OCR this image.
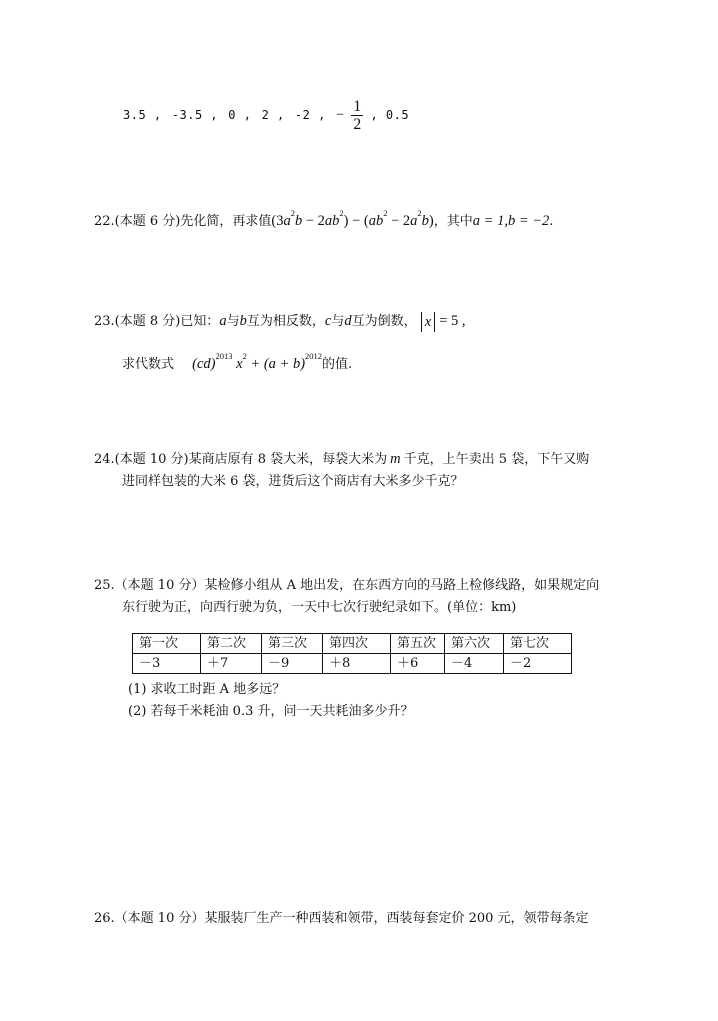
3.5 , -3.5 , 0 , 2 , -2 , − $\frac{1}{2}$ , 0.5
22.(本题 6 分)先化简，再求值$(3a^2b - 2ab^2) - (ab^2 - 2a^2b)$，其中a = 1,b = −2.
23.(本题 8 分)已知：a与b互为相反数，c与d互为倒数， x = 5 ,
求代数式 (cd)$^{2013}$ $x^2 + (a + b)^{2012}$的值.
24.(本题 10 分)某商店原有 8 袋大米，每袋大米为 m 千克，上午卖出 5 袋，下午又购
进同样包装的大米 6 袋，进货后这个商店有大米多少千克？
25.（本题 10 分）某检修小组从 A 地出发，在东西方向的马路上检修线路，如果规定向
东行驶为正，向西行驶为负，一天中七次行驶纪录如下。(单位：km)
第一次	第二次	第三次	第四次	第五次	第六次	第七次
－3	＋7	－9	＋8	＋6	－4	－2
(1) 求收工时距 A 地多远？
(2) 若每千米耗油 0.3 升，问一天共耗油多少升？
26.（本题 10 分）某服装厂生产一种西装和领带，西装每套定价 200 元，领带每条定
